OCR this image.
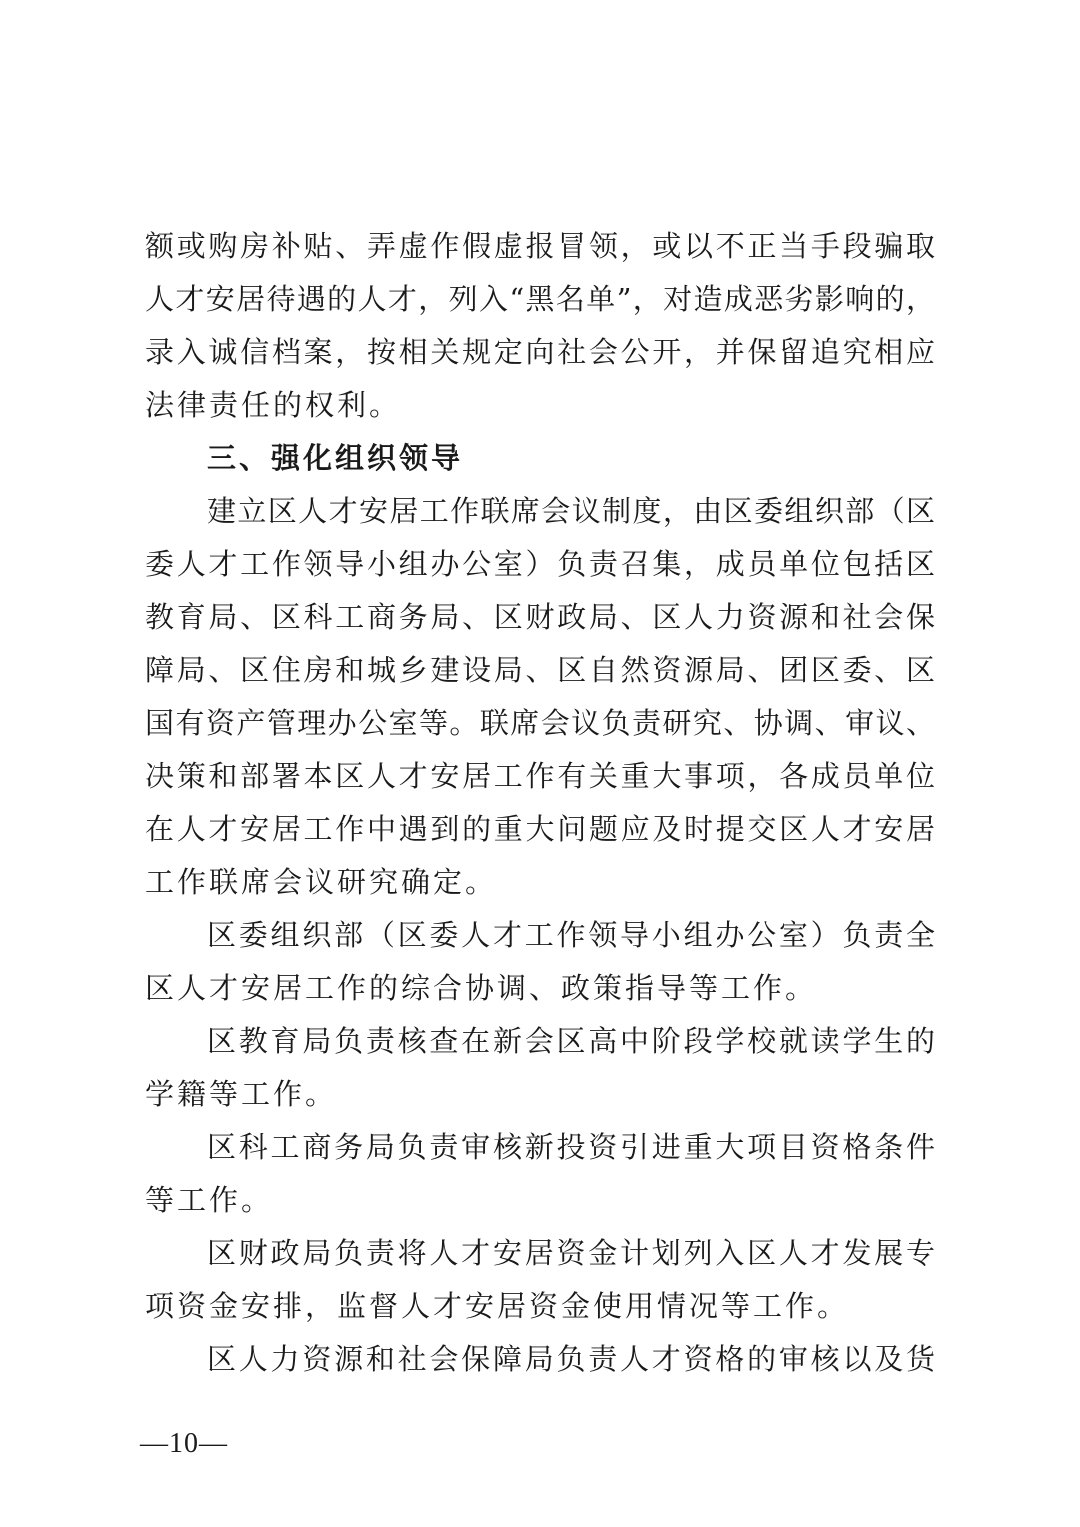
额或购房补贴、弄虚作假虚报冒领，或以不正当手段骗取
人才安居待遇的人才，列入“黑名单”，对造成恶劣影响的，
录入诚信档案，按相关规定向社会公开，并保留追究相应
法律责任的权利。
三、强化组织领导
建立区人才安居工作联席会议制度，由区委组织部（区
委人才工作领导小组办公室）负责召集，成员单位包括区
教育局、区科工商务局、区财政局、区人力资源和社会保
障局、区住房和城乡建设局、区自然资源局、团区委、区
国有资产管理办公室等。联席会议负责研究、协调、审议、
决策和部署本区人才安居工作有关重大事项，各成员单位
在人才安居工作中遇到的重大问题应及时提交区人才安居
工作联席会议研究确定。
区委组织部（区委人才工作领导小组办公室）负责全
区人才安居工作的综合协调、政策指导等工作。
区教育局负责核查在新会区高中阶段学校就读学生的
学籍等工作。
区科工商务局负责审核新投资引进重大项目资格条件
等工作。
区财政局负责将人才安居资金计划列入区人才发展专
项资金安排，监督人才安居资金使用情况等工作。
区人力资源和社会保障局负责人才资格的审核以及货
—10—
